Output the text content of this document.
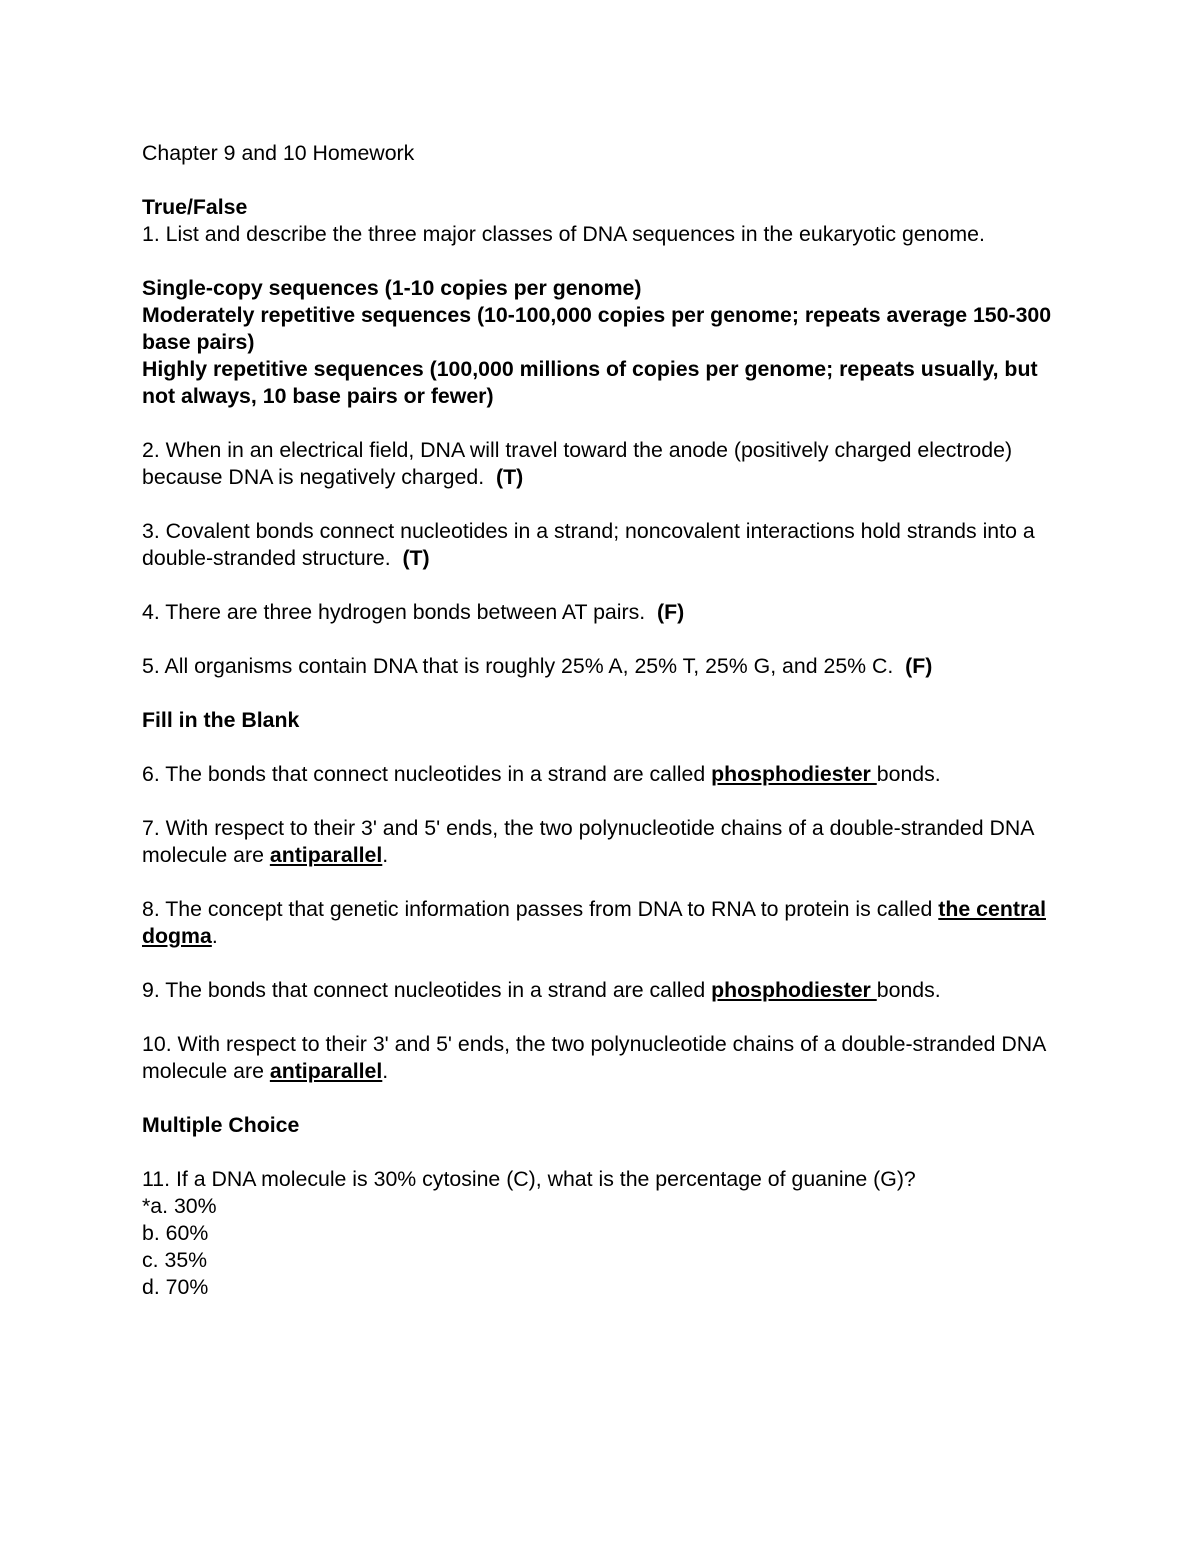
Chapter 9 and 10 Homework

True/False

1. List and describe the three major classes of DNA sequences in the eukaryotic genome.

Single-copy sequences (1-10 copies per genome)
Moderately repetitive sequences (10-100,000 copies per genome; repeats average 150-300 base pairs)
Highly repetitive sequences (100,000 millions of copies per genome; repeats usually, but not always, 10 base pairs or fewer)

2. When in an electrical field, DNA will travel toward the anode (positively charged electrode) because DNA is negatively charged. (T)

3. Covalent bonds connect nucleotides in a strand; noncovalent interactions hold strands into a double-stranded structure. (T)

4. There are three hydrogen bonds between AT pairs. (F)

5. All organisms contain DNA that is roughly 25% A, 25% T, 25% G, and 25% C. (F)

Fill in the Blank

6. The bonds that connect nucleotides in a strand are called phosphodiester bonds.

7. With respect to their 3' and 5' ends, the two polynucleotide chains of a double-stranded DNA molecule are antiparallel.

8. The concept that genetic information passes from DNA to RNA to protein is called the central dogma.

9. The bonds that connect nucleotides in a strand are called phosphodiester bonds.

10. With respect to their 3' and 5' ends, the two polynucleotide chains of a double-stranded DNA molecule are antiparallel.

Multiple Choice

11. If a DNA molecule is 30% cytosine (C), what is the percentage of guanine (G)?
*a. 30%
b. 60%
c. 35%
d. 70%
